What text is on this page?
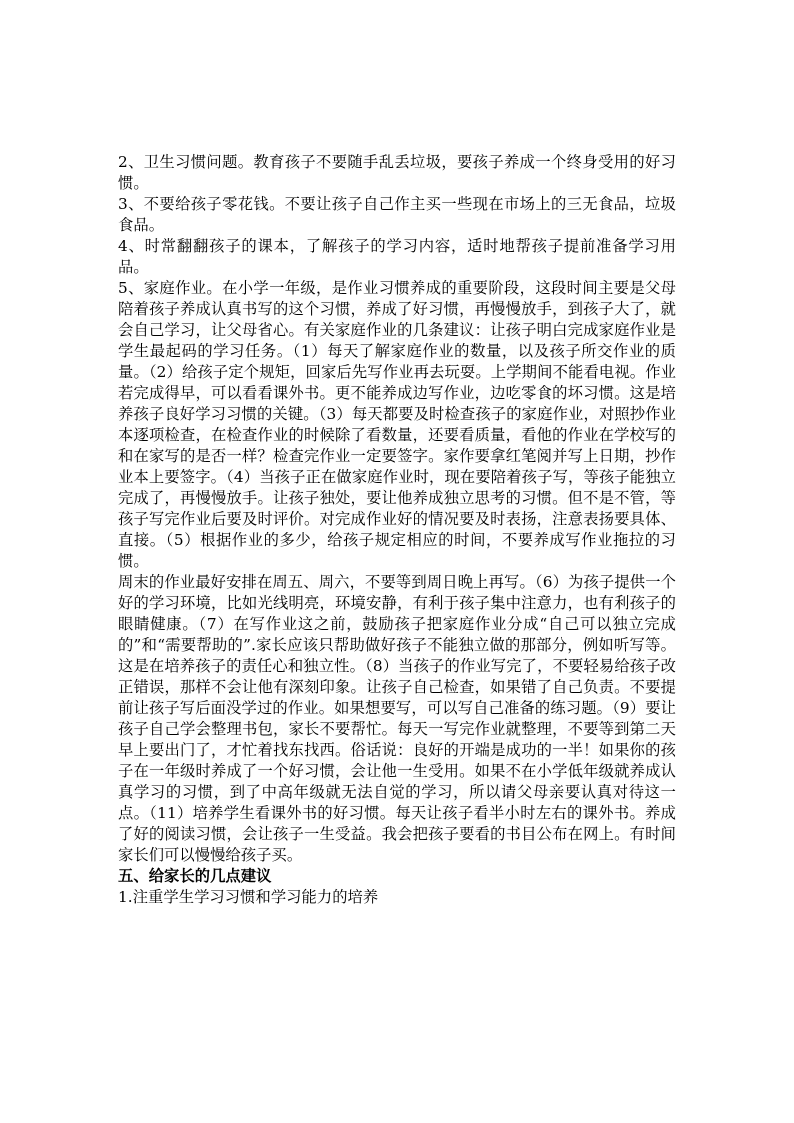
2、卫生习惯问题。教育孩子不要随手乱丢垃圾，要孩子养成一个终身受用的好习惯。

3、不要给孩子零花钱。不要让孩子自己作主买一些现在市场上的三无食品，垃圾食品。

4、时常翻翻孩子的课本，了解孩子的学习内容，适时地帮孩子提前准备学习用品。

5、家庭作业。在小学一年级，是作业习惯养成的重要阶段，这段时间主要是父母陪着孩子养成认真书写的这个习惯，养成了好习惯，再慢慢放手，到孩子大了，就会自己学习，让父母省心。有关家庭作业的几条建议：让孩子明白完成家庭作业是学生最起码的学习任务。（1）每天了解家庭作业的数量，以及孩子所交作业的质量。（2）给孩子定个规矩，回家后先写作业再去玩耍。上学期间不能看电视。作业若完成得早，可以看看课外书。更不能养成边写作业，边吃零食的坏习惯。这是培养孩子良好学习习惯的关键。（3）每天都要及时检查孩子的家庭作业，对照抄作业本逐项检查，在检查作业的时候除了看数量，还要看质量，看他的作业在学校写的和在家写的是否一样？检查完作业一定要签字。家作要拿红笔阅并写上日期，抄作业本上要签字。（4）当孩子正在做家庭作业时，现在要陪着孩子写，等孩子能独立完成了，再慢慢放手。让孩子独处，要让他养成独立思考的习惯。但不是不管，等孩子写完作业后要及时评价。对完成作业好的情况要及时表扬，注意表扬要具体、直接。（5）根据作业的多少，给孩子规定相应的时间，不要养成写作业拖拉的习惯。

周末的作业最好安排在周五、周六，不要等到周日晚上再写。（6）为孩子提供一个好的学习环境，比如光线明亮，环境安静，有利于孩子集中注意力，也有利孩子的眼睛健康。（7）在写作业这之前，鼓励孩子把家庭作业分成“自己可以独立完成的”和“需要帮助的”.家长应该只帮助做好孩子不能独立做的那部分，例如听写等。这是在培养孩子的责任心和独立性。（8）当孩子的作业写完了，不要轻易给孩子改正错误，那样不会让他有深刻印象。让孩子自己检查，如果错了自己负责。不要提前让孩子写后面没学过的作业。如果想要写，可以写自己准备的练习题。（9）要让孩子自己学会整理书包，家长不要帮忙。每天一写完作业就整理，不要等到第二天早上要出门了，才忙着找东找西。俗话说：良好的开端是成功的一半！如果你的孩子在一年级时养成了一个好习惯，会让他一生受用。如果不在小学低年级就养成认真学习的习惯，到了中高年级就无法自觉的学习，所以请父母亲要认真对待这一点。（11）培养学生看课外书的好习惯。每天让孩子看半小时左右的课外书。养成了好的阅读习惯，会让孩子一生受益。我会把孩子要看的书目公布在网上。有时间家长们可以慢慢给孩子买。

五、给家长的几点建议

1.注重学生学习习惯和学习能力的培养
